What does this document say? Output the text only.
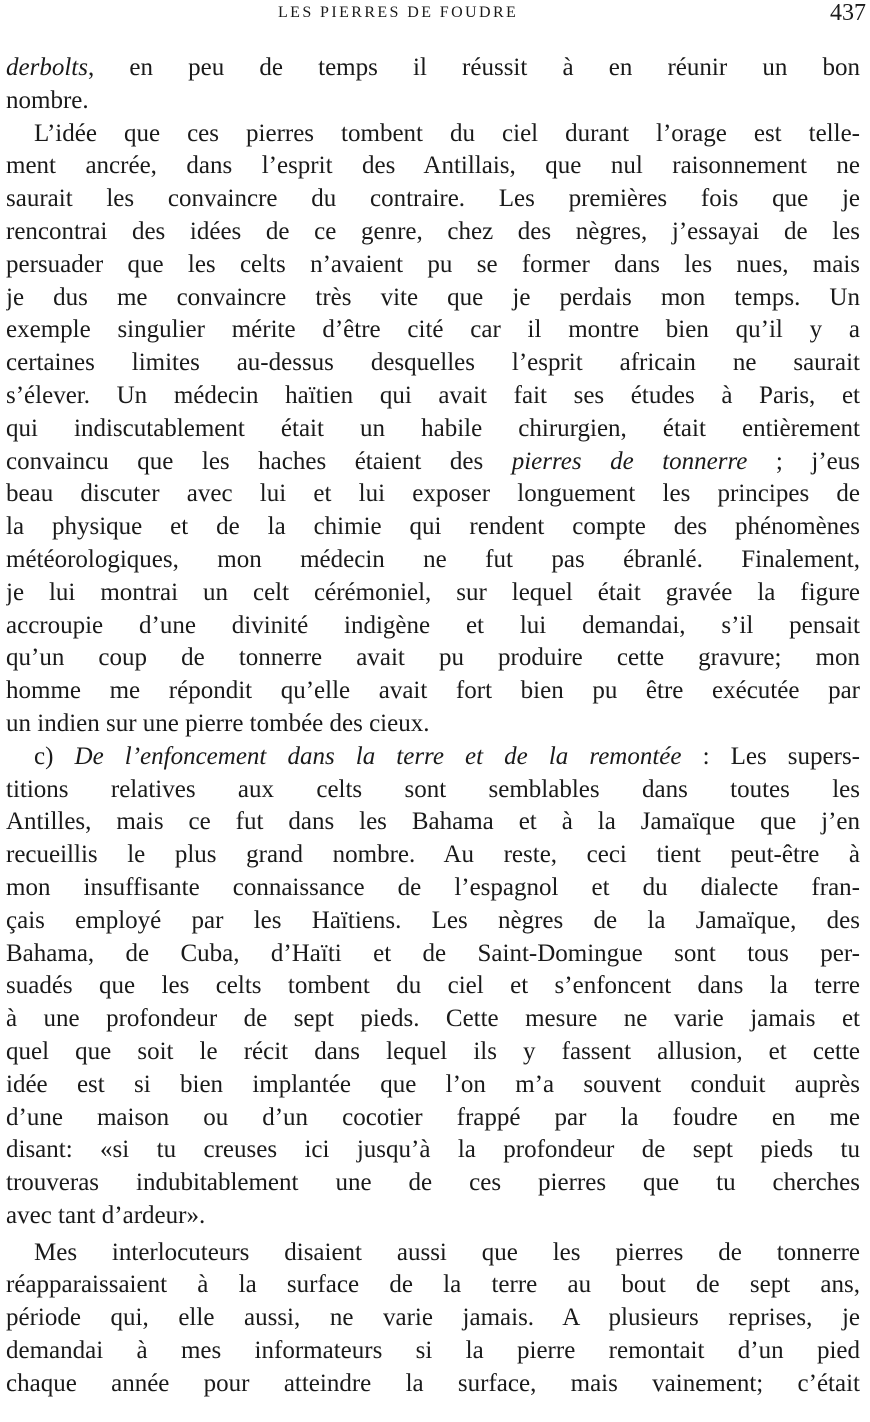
LES PIERRES DE FOUDRE	437
derbolts, en peu de temps il réussit à en réunir un bon
nombre.
L’idée que ces pierres tombent du ciel durant l’orage est telle-
ment ancrée, dans l’esprit des Antillais, que nul raisonnement ne
saurait les convaincre du contraire. Les premières fois que je
rencontrai des idées de ce genre, chez des nègres, j’essayai de les
persuader que les celts n’avaient pu se former dans les nues, mais
je dus me convaincre très vite que je perdais mon temps. Un
exemple singulier mérite d’être cité car il montre bien qu’il y a
certaines limites au-dessus desquelles l’esprit africain ne saurait
s’élever. Un médecin haïtien qui avait fait ses études à Paris, et
qui indiscutablement était un habile chirurgien, était entièrement
convaincu que les haches étaient des pierres de tonnerre ; j’eus
beau discuter avec lui et lui exposer longuement les principes de
la physique et de la chimie qui rendent compte des phénomènes
météorologiques, mon médecin ne fut pas ébranlé. Finalement,
je lui montrai un celt cérémoniel, sur lequel était gravée la figure
accroupie d’une divinité indigène et lui demandai, s’il pensait
qu’un coup de tonnerre avait pu produire cette gravure; mon
homme me répondit qu’elle avait fort bien pu être exécutée par
un indien sur une pierre tombée des cieux.
c) De l’enfoncement dans la terre et de la remontée : Les supers-
titions relatives aux celts sont semblables dans toutes les
Antilles, mais ce fut dans les Bahama et à la Jamaïque que j’en
recueillis le plus grand nombre. Au reste, ceci tient peut-être à
mon insuffisante connaissance de l’espagnol et du dialecte fran-
çais employé par les Haïtiens. Les nègres de la Jamaïque, des
Bahama, de Cuba, d’Haïti et de Saint-Domingue sont tous per-
suadés que les celts tombent du ciel et s’enfoncent dans la terre
à une profondeur de sept pieds. Cette mesure ne varie jamais et
quel que soit le récit dans lequel ils y fassent allusion, et cette
idée est si bien implantée que l’on m’a souvent conduit auprès
d’une maison ou d’un cocotier frappé par la foudre en me
disant: «si tu creuses ici jusqu’à la profondeur de sept pieds tu
trouveras indubitablement une de ces pierres que tu cherches
avec tant d’ardeur».
Mes interlocuteurs disaient aussi que les pierres de tonnerre
réapparaissaient à la surface de la terre au bout de sept ans,
période qui, elle aussi, ne varie jamais. A plusieurs reprises, je
demandai à mes informateurs si la pierre remontait d’un pied
chaque année pour atteindre la surface, mais vainement; c’était
